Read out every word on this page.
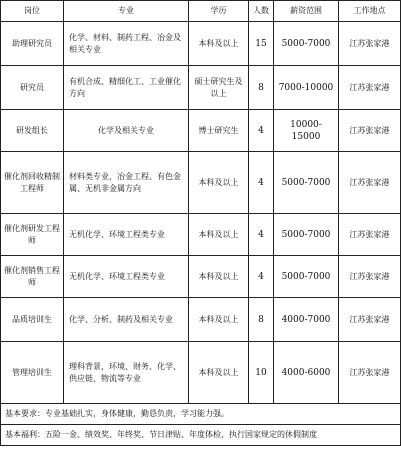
岗位	专业	学历	人数	薪资范围	工作地点
助理研究员	化学、材料、制药工程、冶金及相关专业	本科及以上	15	5000-7000	江苏张家港
研究员	有机合成、精细化工、工业催化方向	硕士研究生及以上	8	7000-10000	江苏张家港
研发组长	化学及相关专业	博士研究生	4	10000-15000	江苏张家港
催化剂回收精制工程师	材料类专业，冶金工程、有色金属、无机非金属方向	本科及以上	4	5000-7000	江苏张家港
催化剂研发工程师	无机化学、环境工程类专业	本科及以上	4	5000-7000	江苏张家港
催化剂销售工程师	无机化学、环境工程类专业	本科及以上	4	5000-7000	江苏张家港
品质培训生	化学、分析、制药及相关专业	本科及以上	8	4000-7000	江苏张家港
管理培训生	理科背景，环境、财务、化学、供应链、物流等专业	本科及以上	10	4000-6000	江苏张家港
基本要求：专业基础扎实，身体健康，勤恳负责，学习能力强。					
基本福利：五险一金、绩效奖、年终奖、节日津贴、年度体检，执行国家规定的休假制度					
